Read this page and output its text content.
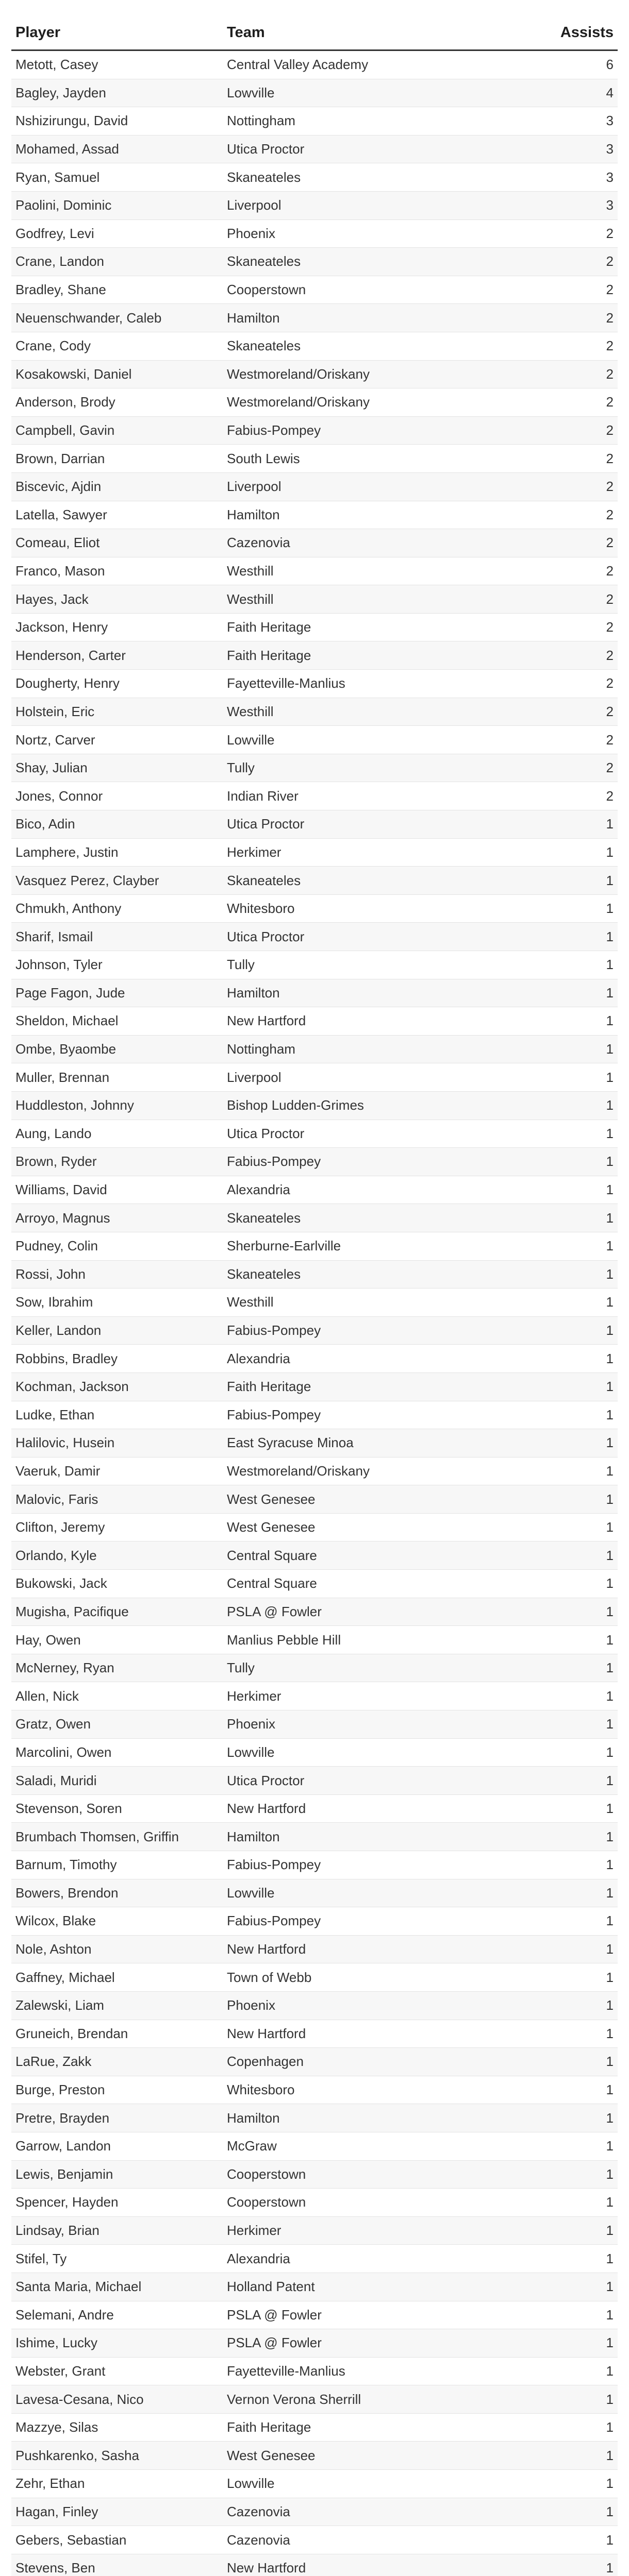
Player	Team	Assists
Metott, Casey	Central Valley Academy	6
Bagley, Jayden	Lowville	4
Nshizirungu, David	Nottingham	3
Mohamed, Assad	Utica Proctor	3
Ryan, Samuel	Skaneateles	3
Paolini, Dominic	Liverpool	3
Godfrey, Levi	Phoenix	2
Crane, Landon	Skaneateles	2
Bradley, Shane	Cooperstown	2
Neuenschwander, Caleb	Hamilton	2
Crane, Cody	Skaneateles	2
Kosakowski, Daniel	Westmoreland/Oriskany	2
Anderson, Brody	Westmoreland/Oriskany	2
Campbell, Gavin	Fabius-Pompey	2
Brown, Darrian	South Lewis	2
Biscevic, Ajdin	Liverpool	2
Latella, Sawyer	Hamilton	2
Comeau, Eliot	Cazenovia	2
Franco, Mason	Westhill	2
Hayes, Jack	Westhill	2
Jackson, Henry	Faith Heritage	2
Henderson, Carter	Faith Heritage	2
Dougherty, Henry	Fayetteville-Manlius	2
Holstein, Eric	Westhill	2
Nortz, Carver	Lowville	2
Shay, Julian	Tully	2
Jones, Connor	Indian River	2
Bico, Adin	Utica Proctor	1
Lamphere, Justin	Herkimer	1
Vasquez Perez, Clayber	Skaneateles	1
Chmukh, Anthony	Whitesboro	1
Sharif, Ismail	Utica Proctor	1
Johnson, Tyler	Tully	1
Page Fagon, Jude	Hamilton	1
Sheldon, Michael	New Hartford	1
Ombe, Byaombe	Nottingham	1
Muller, Brennan	Liverpool	1
Huddleston, Johnny	Bishop Ludden-Grimes	1
Aung, Lando	Utica Proctor	1
Brown, Ryder	Fabius-Pompey	1
Williams, David	Alexandria	1
Arroyo, Magnus	Skaneateles	1
Pudney, Colin	Sherburne-Earlville	1
Rossi, John	Skaneateles	1
Sow, Ibrahim	Westhill	1
Keller, Landon	Fabius-Pompey	1
Robbins, Bradley	Alexandria	1
Kochman, Jackson	Faith Heritage	1
Ludke, Ethan	Fabius-Pompey	1
Halilovic, Husein	East Syracuse Minoa	1
Vaeruk, Damir	Westmoreland/Oriskany	1
Malovic, Faris	West Genesee	1
Clifton, Jeremy	West Genesee	1
Orlando, Kyle	Central Square	1
Bukowski, Jack	Central Square	1
Mugisha, Pacifique	PSLA @ Fowler	1
Hay, Owen	Manlius Pebble Hill	1
McNerney, Ryan	Tully	1
Allen, Nick	Herkimer	1
Gratz, Owen	Phoenix	1
Marcolini, Owen	Lowville	1
Saladi, Muridi	Utica Proctor	1
Stevenson, Soren	New Hartford	1
Brumbach Thomsen, Griffin	Hamilton	1
Barnum, Timothy	Fabius-Pompey	1
Bowers, Brendon	Lowville	1
Wilcox, Blake	Fabius-Pompey	1
Nole, Ashton	New Hartford	1
Gaffney, Michael	Town of Webb	1
Zalewski, Liam	Phoenix	1
Gruneich, Brendan	New Hartford	1
LaRue, Zakk	Copenhagen	1
Burge, Preston	Whitesboro	1
Pretre, Brayden	Hamilton	1
Garrow, Landon	McGraw	1
Lewis, Benjamin	Cooperstown	1
Spencer, Hayden	Cooperstown	1
Lindsay, Brian	Herkimer	1
Stifel, Ty	Alexandria	1
Santa Maria, Michael	Holland Patent	1
Selemani, Andre	PSLA @ Fowler	1
Ishime, Lucky	PSLA @ Fowler	1
Webster, Grant	Fayetteville-Manlius	1
Lavesa-Cesana, Nico	Vernon Verona Sherrill	1
Mazzye, Silas	Faith Heritage	1
Pushkarenko, Sasha	West Genesee	1
Zehr, Ethan	Lowville	1
Hagan, Finley	Cazenovia	1
Gebers, Sebastian	Cazenovia	1
Stevens, Ben	New Hartford	1
